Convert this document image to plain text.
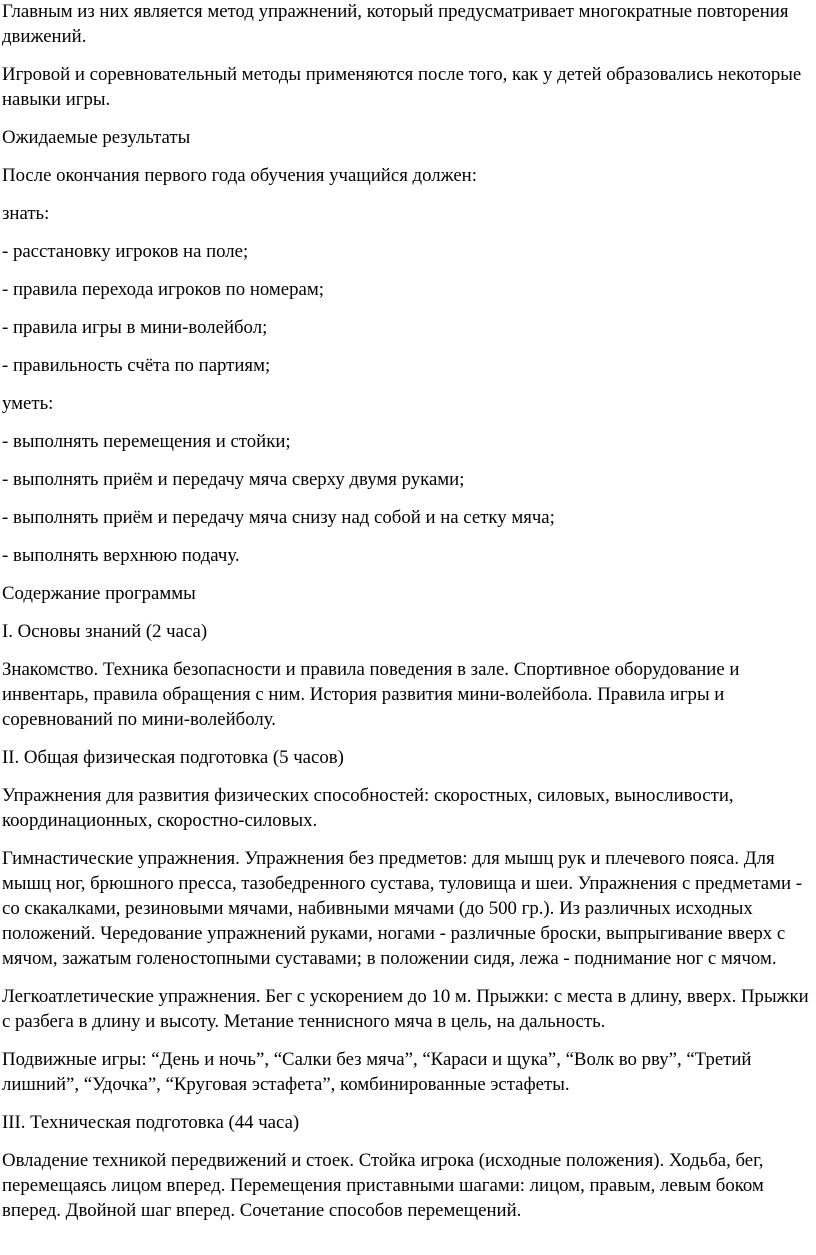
Главным из них является метод упражнений, который предусматривает многократные повторения движений.

Игровой и соревновательный методы применяются после того, как у детей образовались некоторые навыки игры.

Ожидаемые результаты

После окончания первого года обучения учащийся должен:

знать:

- расстановку игроков на поле;

- правила перехода игроков по номерам;

- правила игры в мини-волейбол;

- правильность счёта по партиям;

уметь:

- выполнять перемещения и стойки;

- выполнять приём и передачу мяча сверху двумя руками;

- выполнять приём и передачу мяча снизу над собой и на сетку мяча;

- выполнять верхнюю подачу.

Содержание программы

I. Основы знаний (2 часа)

Знакомство. Техника безопасности и правила поведения в зале. Спортивное оборудование и инвентарь, правила обращения с ним. История развития мини-волейбола. Правила игры и соревнований по мини-волейболу.

II. Общая физическая подготовка (5 часов)

Упражнения для развития физических способностей: скоростных, силовых, выносливости, координационных, скоростно-силовых.

Гимнастические упражнения. Упражнения без предметов: для мышц рук и плечевого пояса. Для мышц ног, брюшного пресса, тазобедренного сустава, туловища и шеи. Упражнения с предметами - со скакалками, резиновыми мячами, набивными мячами (до 500 гр.). Из различных исходных положений. Чередование упражнений руками, ногами - различные броски, выпрыгивание вверх с мячом, зажатым голеностопными суставами; в положении сидя, лежа - поднимание ног с мячом.

Легкоатлетические упражнения. Бег с ускорением до 10 м. Прыжки: с места в длину, вверх. Прыжки с разбега в длину и высоту. Метание теннисного мяча в цель, на дальность.

Подвижные игры: “День и ночь”, “Салки без мяча”, “Караси и щука”, “Волк во рву”, “Третий лишний”, “Удочка”, “Круговая эстафета”, комбинированные эстафеты.

III. Техническая подготовка (44 часа)

Овладение техникой передвижений и стоек. Стойка игрока (исходные положения). Ходьба, бег, перемещаясь лицом вперед. Перемещения приставными шагами: лицом, правым, левым боком вперед. Двойной шаг вперед. Сочетание способов перемещений.
